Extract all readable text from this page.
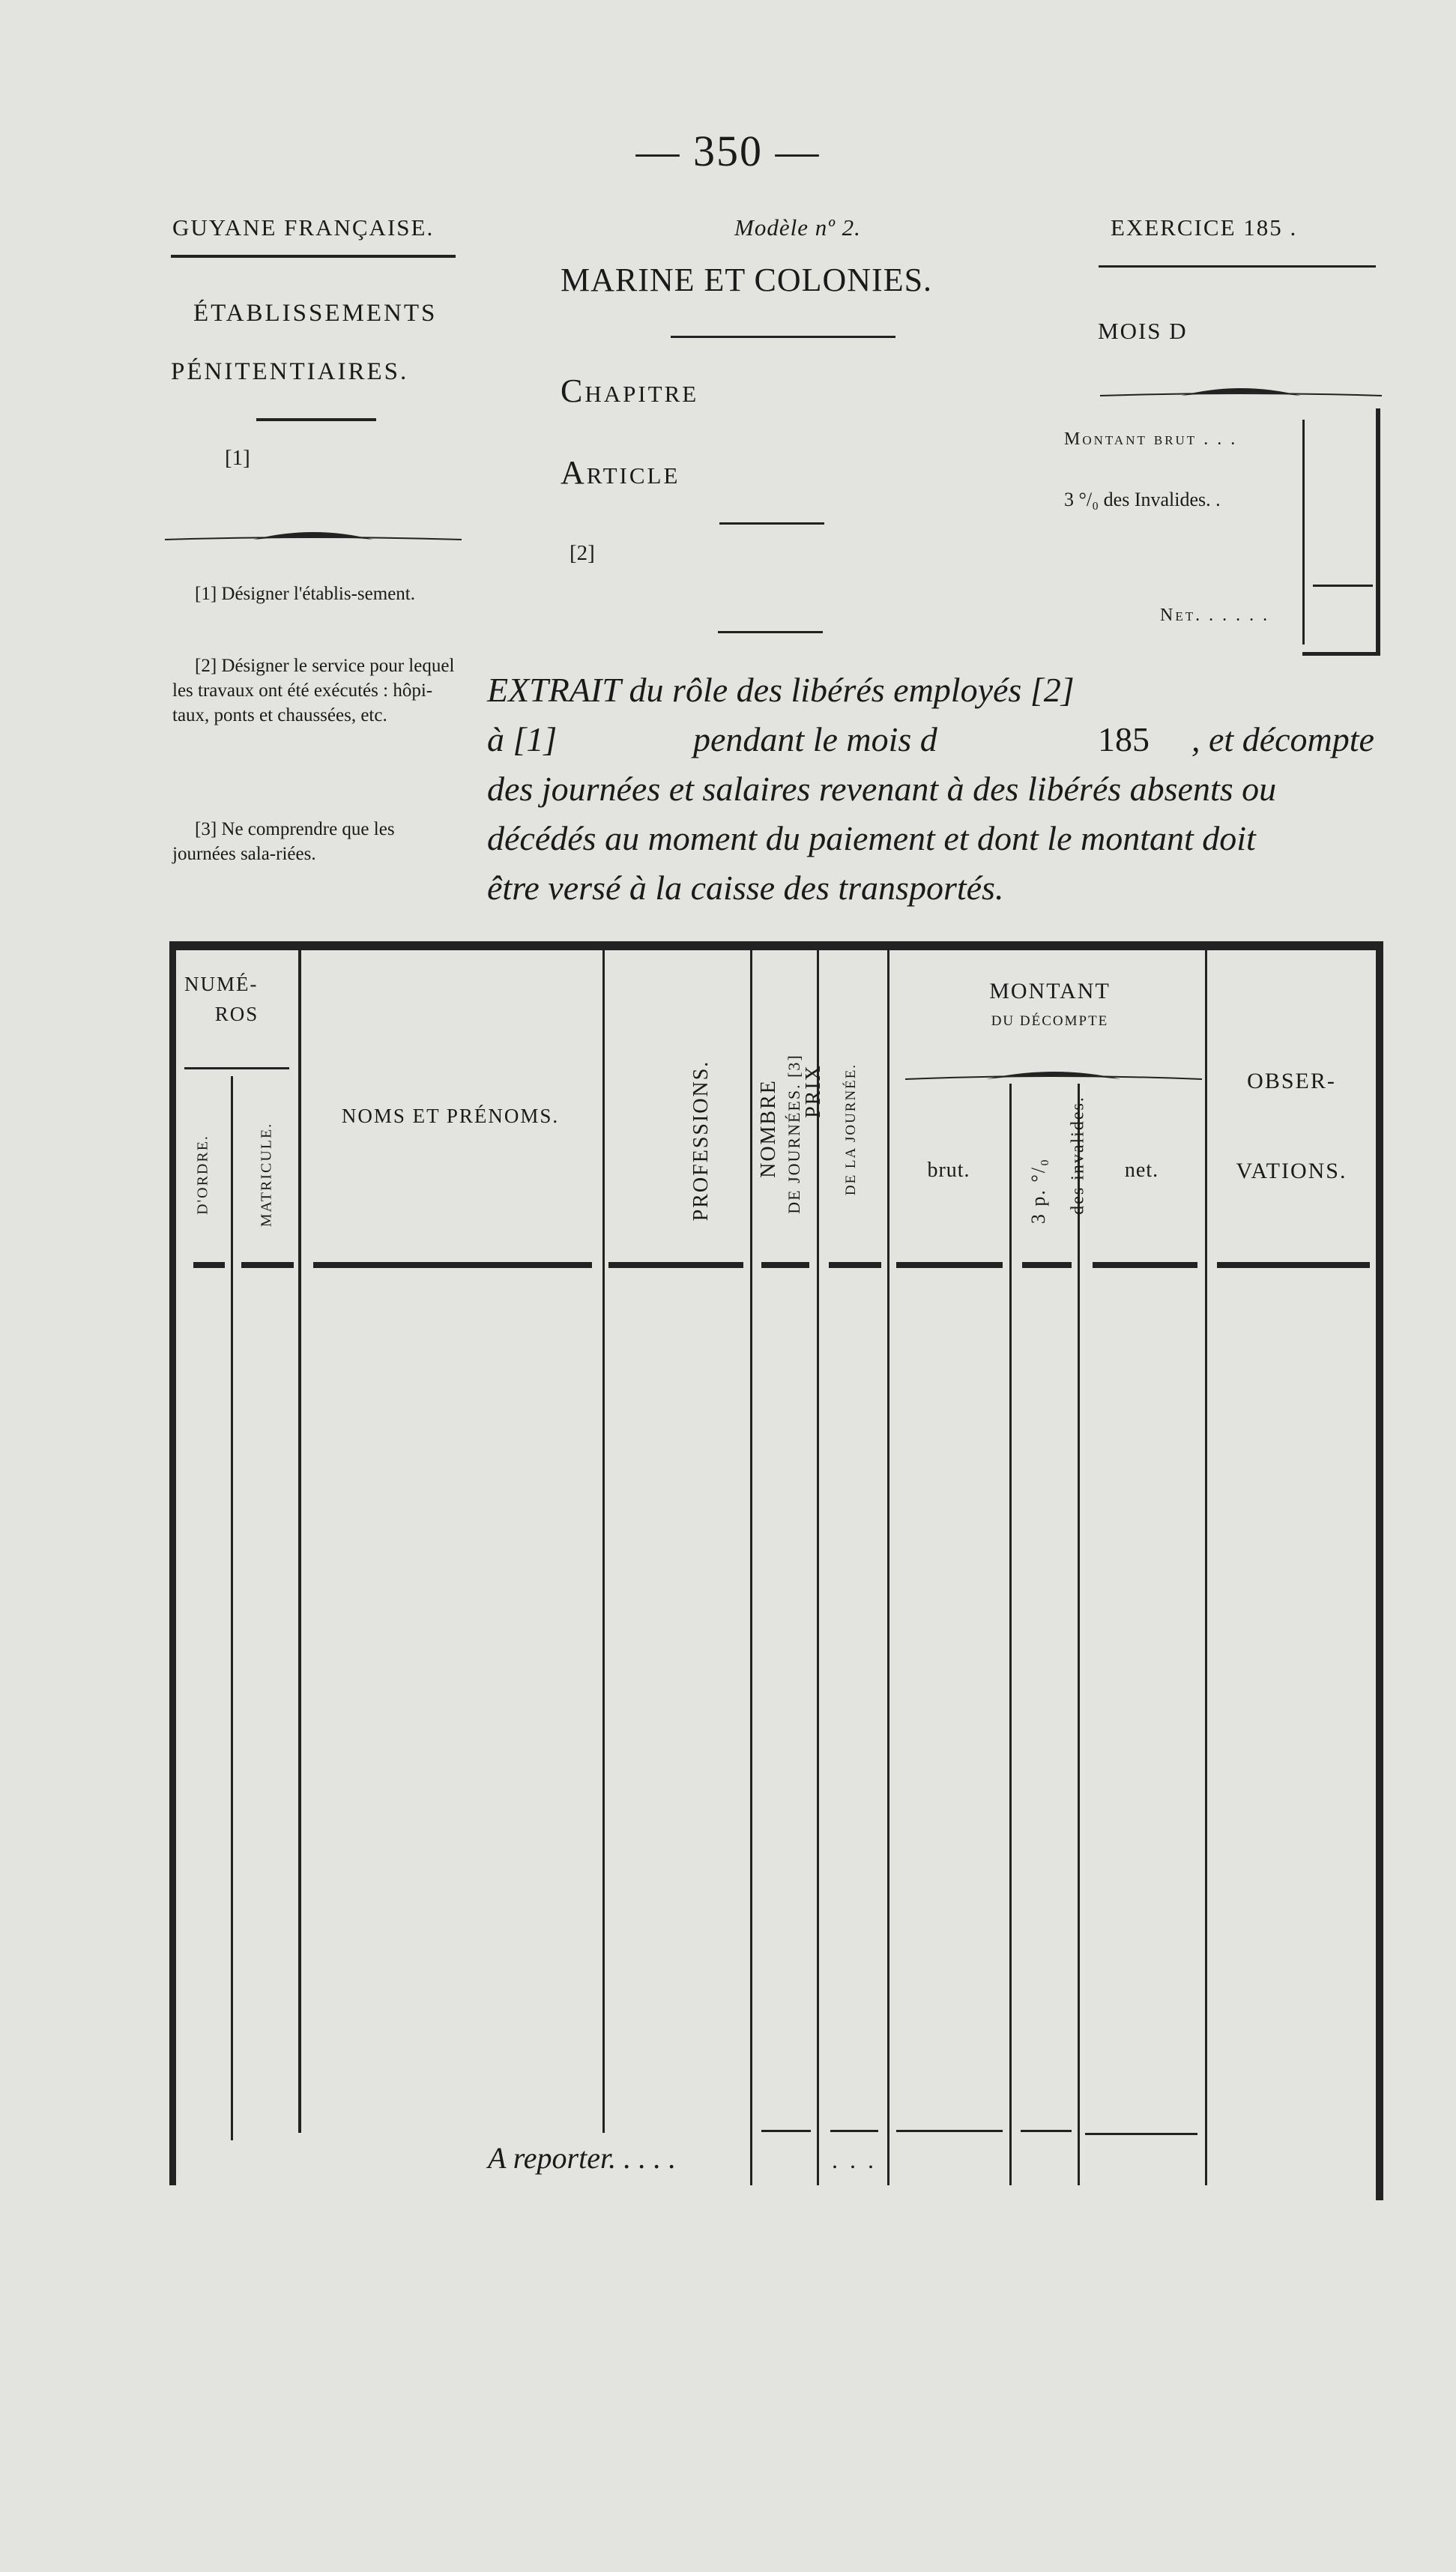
— 350 —
GUYANE FRANÇAISE.	Modèle nº 2.	EXERCICE 185 .
ÉTABLISSEMENTS
PÉNITENTIAIRES.
[1]
[1] Désigner l'établis-sement.
[2] Désigner le service pour lequel les travaux ont été exécutés : hôpi-taux, ponts et chaussées, etc.
[3] Ne comprendre que les journées sala-riées.
MARINE ET COLONIES.
Chapitre
Article
[2]
MOIS D
Montant brut . . .
3 °/₀ des Invalides. .
Net. . . . . .
EXTRAIT du rôle des libérés employés [2]
à [1]	pendant le mois d	185 , et décompte
des journées et salaires revenant à des libérés absents ou
décédés au moment du paiement et dont le montant doit
être versé à la caisse des transportés.
NUMÉ-
ROS
D'ORDRE.	MATRICULE.
NOMS ET PRÉNOMS.	PROFESSIONS. NOMBRE DE JOURNÉES. [3]
PRIX DE LA JOURNÉE.
MONTANT
DU DÉCOMPTE
brut.	3 p. °/₀ des invalides.	net.
OBSER-
VATIONS.
A reporter. . . . .	. . .
